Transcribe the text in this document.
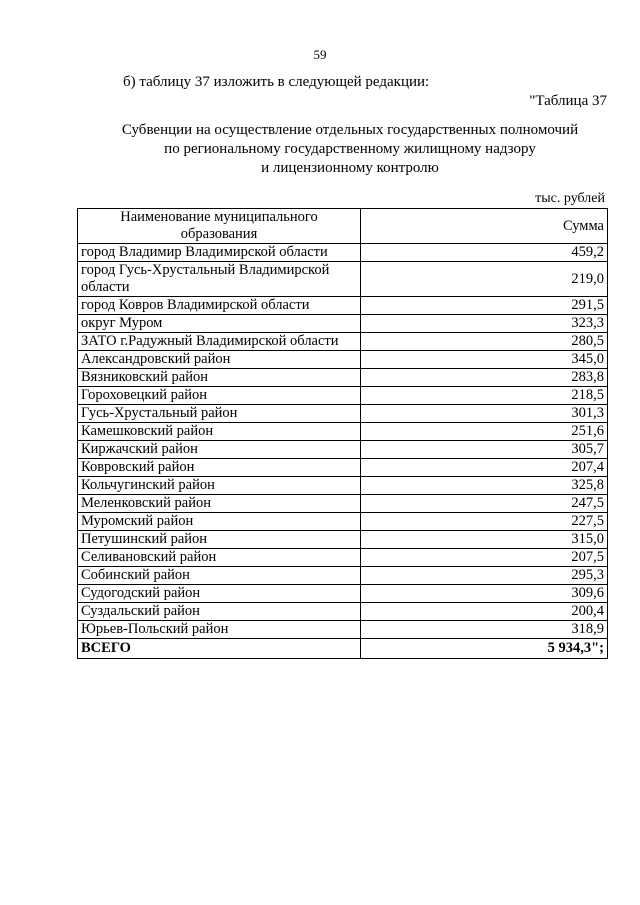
59
б) таблицу 37 изложить в следующей редакции:
"Таблица 37
Субвенции на осуществление отдельных государственных полномочий
по региональному государственному жилищному надзору
и лицензионному контролю
тыс. рублей
Наименование муниципального
образования	Сумма
город Владимир Владимирской области	459,2
город Гусь-Хрустальный Владимирской области	219,0
город Ковров Владимирской области	291,5
округ Муром	323,3
ЗАТО г.Радужный Владимирской области	280,5
Александровский район	345,0
Вязниковский район	283,8
Гороховецкий район	218,5
Гусь-Хрустальный район	301,3
Камешковский район	251,6
Киржачский район	305,7
Ковровский район	207,4
Кольчугинский район	325,8
Меленковский район	247,5
Муромский район	227,5
Петушинский район	315,0
Селивановский район	207,5
Собинский район	295,3
Судогодский район	309,6
Суздальский район	200,4
Юрьев-Польский район	318,9
ВСЕГО	5 934,3";
